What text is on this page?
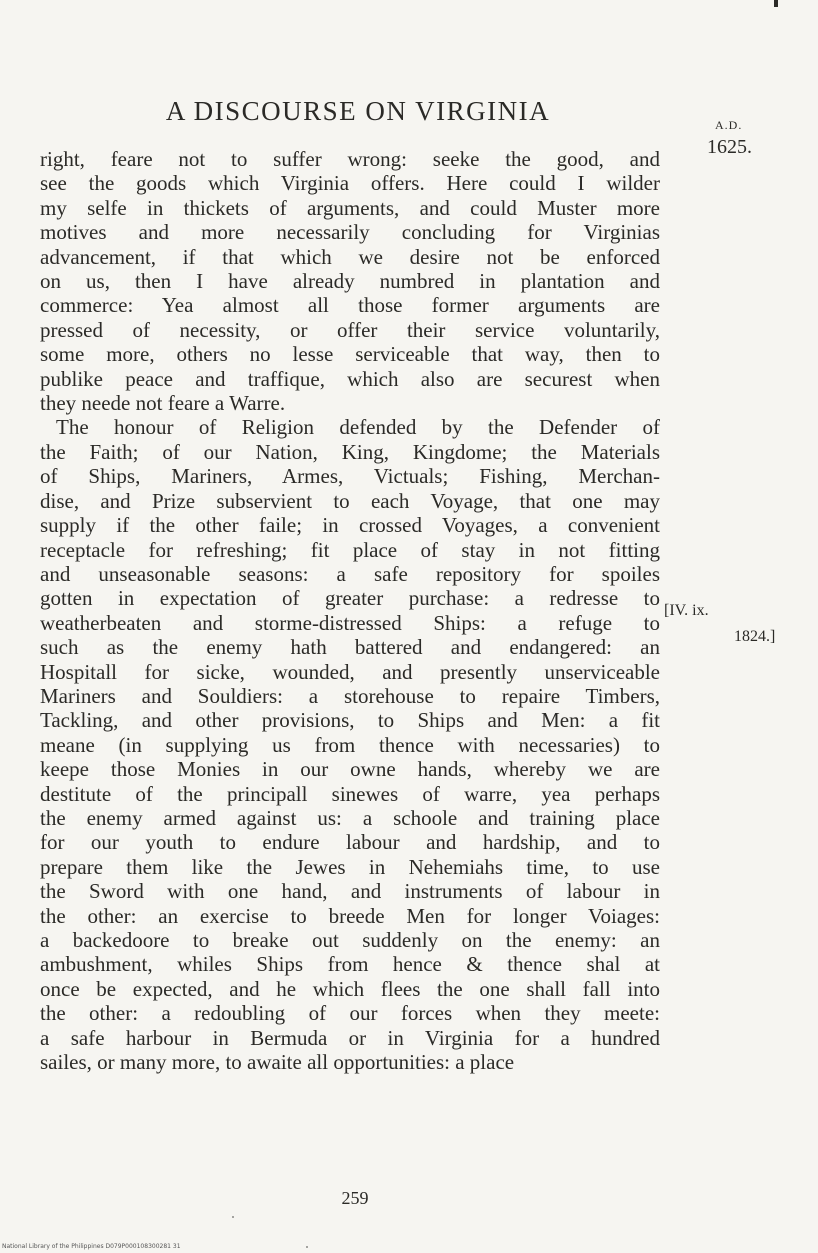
A DISCOURSE ON VIRGINIA	A.D.
1625.
[IV. ix.
1824.]
right, feare not to suffer wrong: seeke the good, and
see the goods which Virginia offers. Here could I wilder
my selfe in thickets of arguments, and could Muster more
motives and more necessarily concluding for Virginias
advancement, if that which we desire not be enforced
on us, then I have already numbred in plantation and
commerce: Yea almost all those former arguments are
pressed of necessity, or offer their service voluntarily,
some more, others no lesse serviceable that way, then to
publike peace and traffique, which also are securest when
they neede not feare a Warre.
The honour of Religion defended by the Defender of
the Faith; of our Nation, King, Kingdome; the Materials
of Ships, Mariners, Armes, Victuals; Fishing, Merchan-
dise, and Prize subservient to each Voyage, that one may
supply if the other faile; in crossed Voyages, a convenient
receptacle for refreshing; fit place of stay in not fitting
and unseasonable seasons: a safe repository for spoiles
gotten in expectation of greater purchase: a redresse to
weatherbeaten and storme-distressed Ships: a refuge to
such as the enemy hath battered and endangered: an
Hospitall for sicke, wounded, and presently unserviceable
Mariners and Souldiers: a storehouse to repaire Timbers,
Tackling, and other provisions, to Ships and Men: a fit
meane (in supplying us from thence with necessaries) to
keepe those Monies in our owne hands, whereby we are
destitute of the principall sinewes of warre, yea perhaps
the enemy armed against us: a schoole and training place
for our youth to endure labour and hardship, and to
prepare them like the Jewes in Nehemiahs time, to use
the Sword with one hand, and instruments of labour in
the other: an exercise to breede Men for longer Voiages:
a backedoore to breake out suddenly on the enemy: an
ambushment, whiles Ships from hence & thence shal at
once be expected, and he which flees the one shall fall into
the other: a redoubling of our forces when they meete:
a safe harbour in Bermuda or in Virginia for a hundred
sailes, or many more, to awaite all opportunities: a place
259
National Library of the Philippines D079P000108300281 31
